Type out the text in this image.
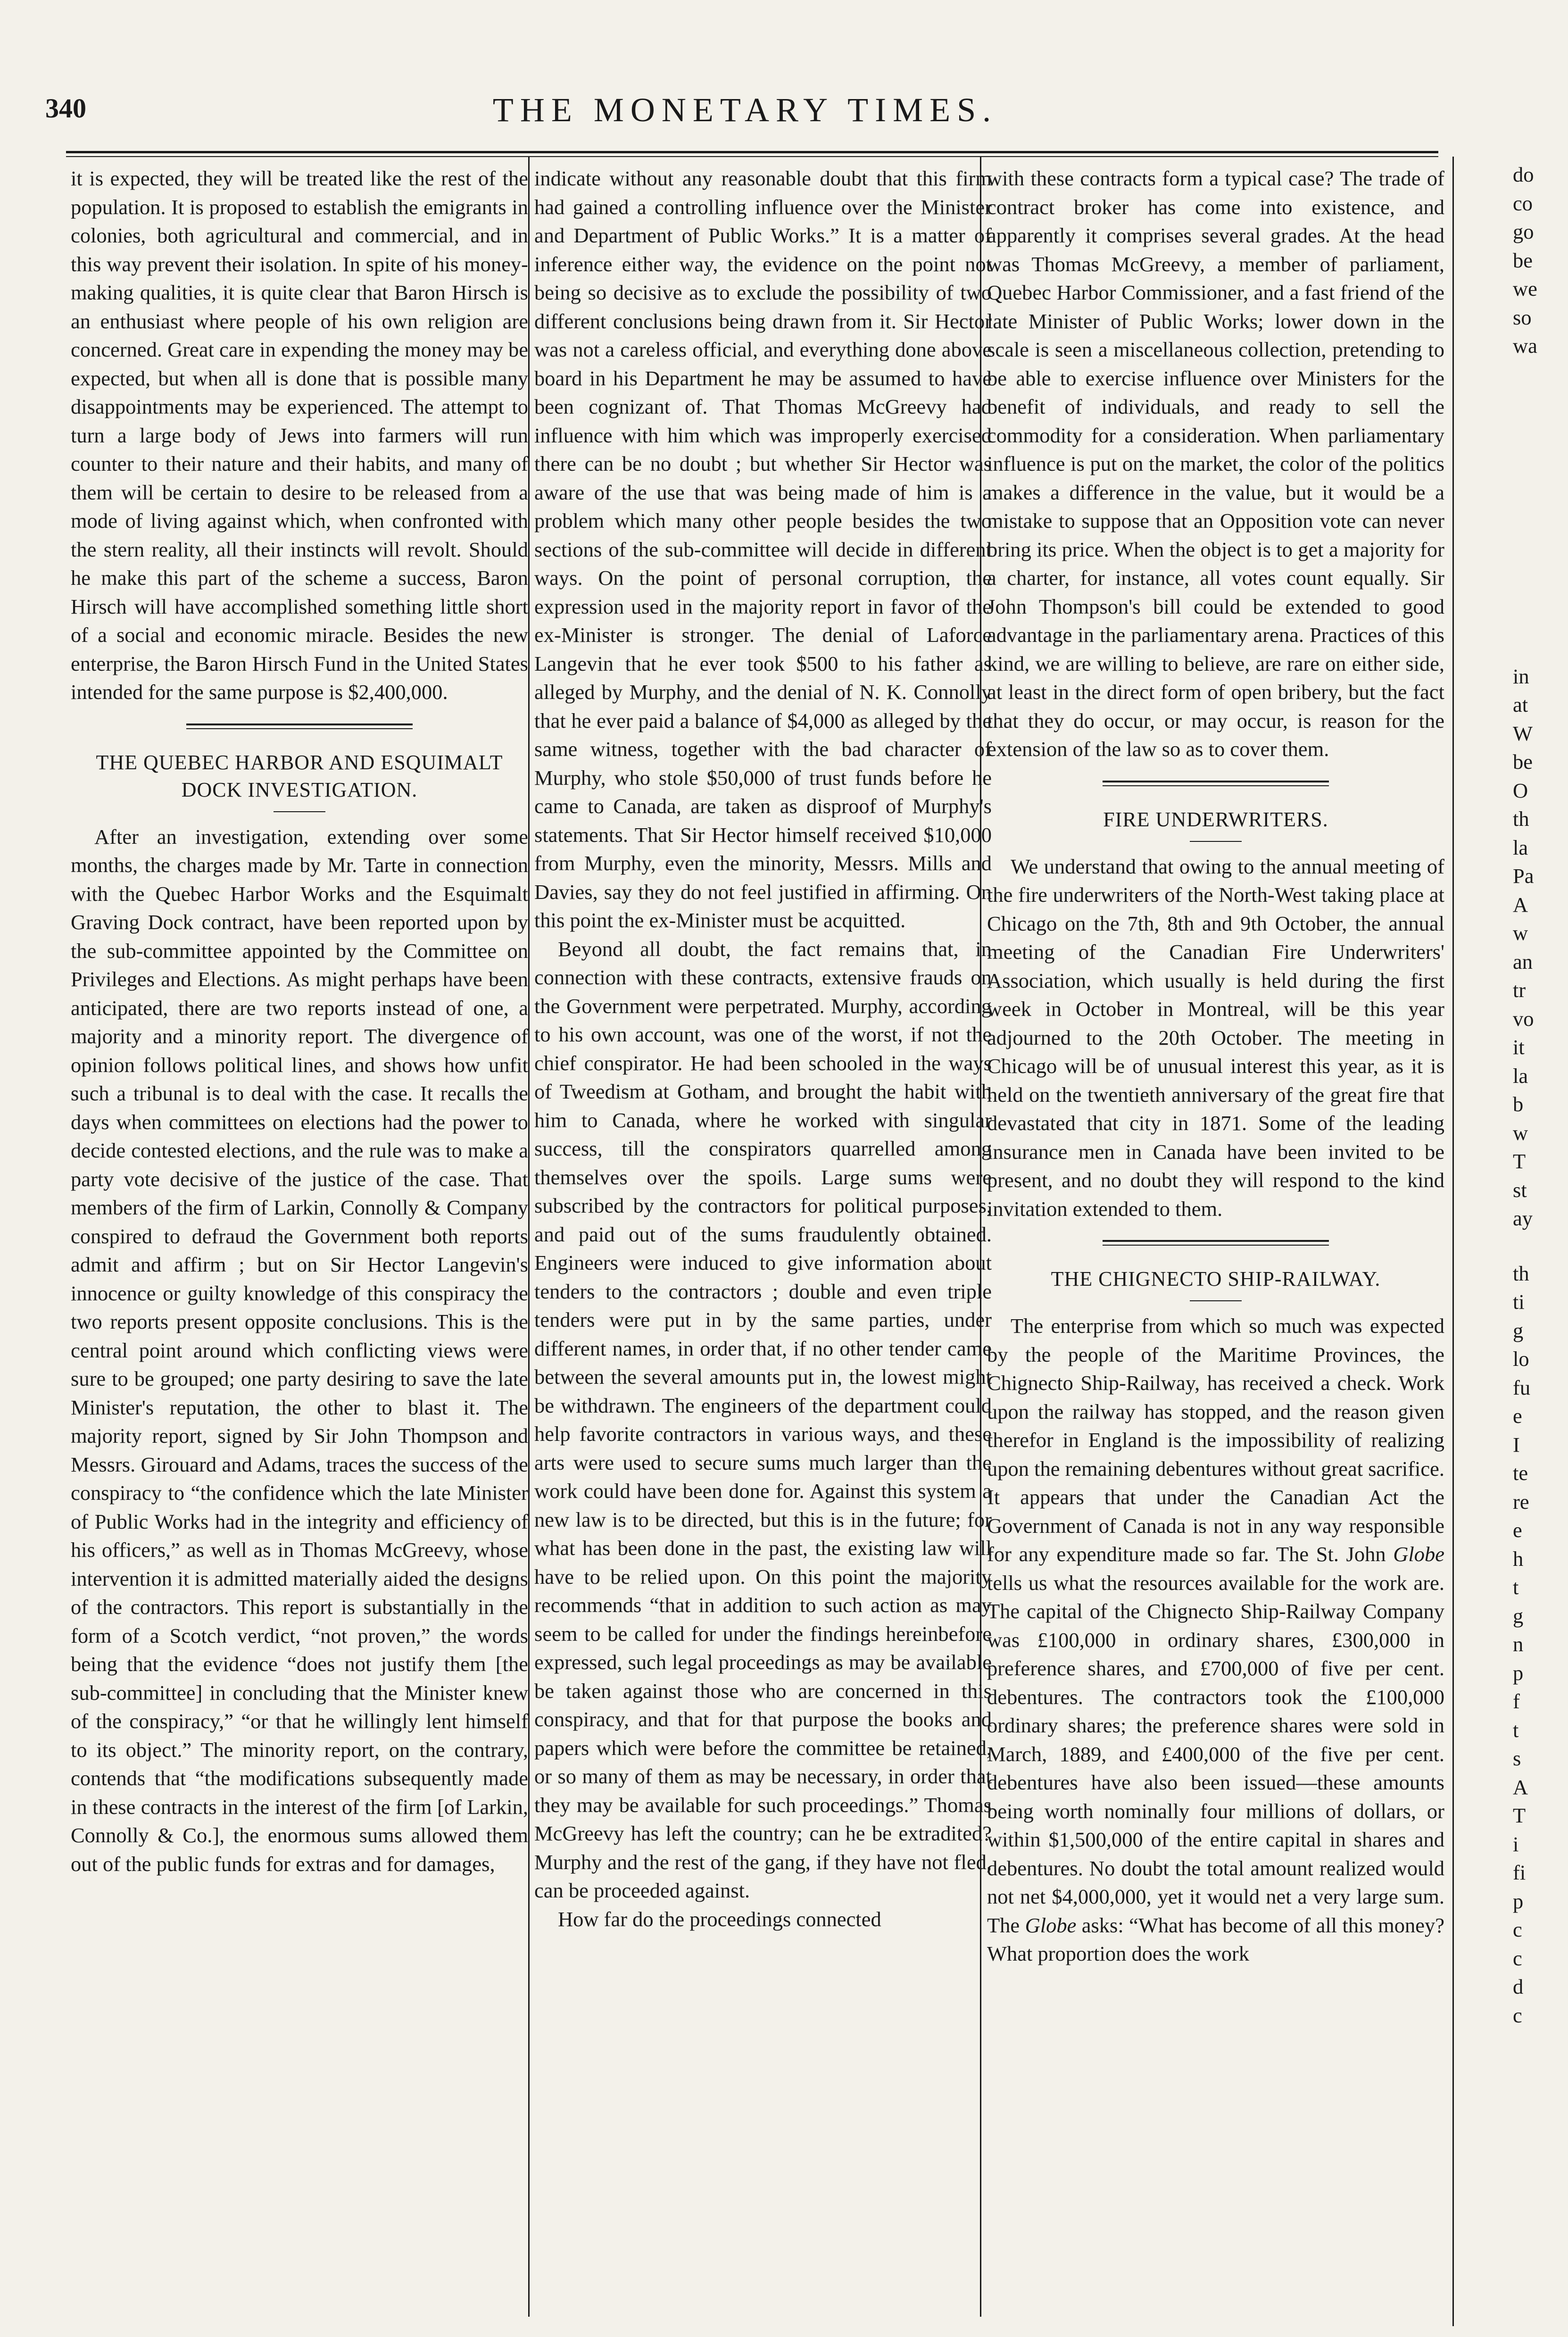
340	THE MONETARY TIMES.

it is expected, they will be treated like the rest of the population. It is proposed to establish the emigrants in colonies, both agricultural and commercial, and in this way prevent their isolation. In spite of his money-making qualities, it is quite clear that Baron Hirsch is an enthusiast where people of his own religion are concerned. Great care in expending the money may be expected, but when all is done that is possible many disappointments may be experienced. The attempt to turn a large body of Jews into farmers will run counter to their nature and their habits, and many of them will be certain to desire to be released from a mode of living against which, when confronted with the stern reality, all their instincts will revolt. Should he make this part of the scheme a success, Baron Hirsch will have accomplished something little short of a social and economic miracle. Besides the new enterprise, the Baron Hirsch Fund in the United States intended for the same purpose is $2,400,000.

THE QUEBEC HARBOR AND ESQUIMALT DOCK INVESTIGATION.

After an investigation, extending over some months, the charges made by Mr. Tarte in connection with the Quebec Harbor Works and the Esquimalt Graving Dock contract, have been reported upon by the sub-committee appointed by the Committee on Privileges and Elections. As might perhaps have been anticipated, there are two reports instead of one, a majority and a minority report. The divergence of opinion follows political lines, and shows how unfit such a tribunal is to deal with the case. It recalls the days when committees on elections had the power to decide contested elections, and the rule was to make a party vote decisive of the justice of the case. That members of the firm of Larkin, Connolly & Company conspired to defraud the Government both reports admit and affirm ; but on Sir Hector Langevin's innocence or guilty knowledge of this conspiracy the two reports present opposite conclusions. This is the central point around which conflicting views were sure to be grouped; one party desiring to save the late Minister's reputation, the other to blast it. The majority report, signed by Sir John Thompson and Messrs. Girouard and Adams, traces the success of the conspiracy to “the confidence which the late Minister of Public Works had in the integrity and efficiency of his officers,” as well as in Thomas McGreevy, whose intervention it is admitted materially aided the designs of the contractors. This report is substantially in the form of a Scotch verdict, “not proven,” the words being that the evidence “does not justify them [the sub-committee] in concluding that the Minister knew of the conspiracy,” “or that he willingly lent himself to its object.” The minority report, on the contrary, contends that “the modifications subsequently made in these contracts in the interest of the firm [of Larkin, Connolly & Co.], the enormous sums allowed them out of the public funds for extras and for damages,

indicate without any reasonable doubt that this firm had gained a controlling influence over the Minister and Department of Public Works.” It is a matter of inference either way, the evidence on the point not being so decisive as to exclude the possibility of two different conclusions being drawn from it. Sir Hector was not a careless official, and everything done above board in his Department he may be assumed to have been cognizant of. That Thomas McGreevy had influence with him which was improperly exercised there can be no doubt ; but whether Sir Hector was aware of the use that was being made of him is a problem which many other people besides the two sections of the sub-committee will decide in different ways. On the point of personal corruption, the expression used in the majority report in favor of the ex-Minister is stronger. The denial of Laforce Langevin that he ever took $500 to his father as alleged by Murphy, and the denial of N. K. Connolly that he ever paid a balance of $4,000 as alleged by the same witness, together with the bad character of Murphy, who stole $50,000 of trust funds before he came to Canada, are taken as disproof of Murphy's statements. That Sir Hector himself received $10,000 from Murphy, even the minority, Messrs. Mills and Davies, say they do not feel justified in affirming. On this point the ex-Minister must be acquitted.

Beyond all doubt, the fact remains that, in connection with these contracts, extensive frauds on the Government were perpetrated. Murphy, according to his own account, was one of the worst, if not the chief conspirator. He had been schooled in the ways of Tweedism at Gotham, and brought the habit with him to Canada, where he worked with singular success, till the conspirators quarrelled among themselves over the spoils. Large sums were subscribed by the contractors for political purposes, and paid out of the sums fraudulently obtained. Engineers were induced to give information about tenders to the contractors ; double and even triple tenders were put in by the same parties, under different names, in order that, if no other tender came between the several amounts put in, the lowest might be withdrawn. The engineers of the department could help favorite contractors in various ways, and these arts were used to secure sums much larger than the work could have been done for. Against this system a new law is to be directed, but this is in the future; for what has been done in the past, the existing law will have to be relied upon. On this point the majority recommends “that in addition to such action as may seem to be called for under the findings hereinbefore expressed, such legal proceedings as may be available be taken against those who are concerned in this conspiracy, and that for that purpose the books and papers which were before the committee be retained, or so many of them as may be necessary, in order that they may be available for such proceedings.” Thomas McGreevy has left the country; can he be extradited? Murphy and the rest of the gang, if they have not fled, can be proceeded against.

How far do the proceedings connected

with these contracts form a typical case? The trade of contract broker has come into existence, and apparently it comprises several grades. At the head was Thomas McGreevy, a member of parliament, Quebec Harbor Commissioner, and a fast friend of the late Minister of Public Works; lower down in the scale is seen a miscellaneous collection, pretending to be able to exercise influence over Ministers for the benefit of individuals, and ready to sell the commodity for a consideration. When parliamentary influence is put on the market, the color of the politics makes a difference in the value, but it would be a mistake to suppose that an Opposition vote can never bring its price. When the object is to get a majority for a charter, for instance, all votes count equally. Sir John Thompson's bill could be extended to good advantage in the parliamentary arena. Practices of this kind, we are willing to believe, are rare on either side, at least in the direct form of open bribery, but the fact that they do occur, or may occur, is reason for the extension of the law so as to cover them.

FIRE UNDERWRITERS.

We understand that owing to the annual meeting of the fire underwriters of the North-West taking place at Chicago on the 7th, 8th and 9th October, the annual meeting of the Canadian Fire Underwriters' Association, which usually is held during the first week in October in Montreal, will be this year adjourned to the 20th October. The meeting in Chicago will be of unusual interest this year, as it is held on the twentieth anniversary of the great fire that devastated that city in 1871. Some of the leading insurance men in Canada have been invited to be present, and no doubt they will respond to the kind invitation extended to them.

THE CHIGNECTO SHIP-RAILWAY.

The enterprise from which so much was expected by the people of the Maritime Provinces, the Chignecto Ship-Railway, has received a check. Work upon the railway has stopped, and the reason given therefor in England is the impossibility of realizing upon the remaining debentures without great sacrifice. It appears that under the Canadian Act the Government of Canada is not in any way responsible for any expenditure made so far. The St. John Globe tells us what the resources available for the work are. The capital of the Chignecto Ship-Railway Company was £100,000 in ordinary shares, £300,000 in preference shares, and £700,000 of five per cent. debentures. The contractors took the £100,000 ordinary shares; the preference shares were sold in March, 1889, and £400,000 of the five per cent. debentures have also been issued—these amounts being worth nominally four millions of dollars, or within $1,500,000 of the entire capital in shares and debentures. No doubt the total amount realized would not net $4,000,000, yet it would net a very large sum. The Globe asks: “What has become of all this money? What proportion does the work

do
co
go
be
we
so
wa
in
at
W
be
O
th
la
Pa
A
w
an
tr
vo
it
la
b
w
T
st
ay
th
ti
g
lo
fu
e
I
te
re
e
h
t
g
n
p
f
t
s
A
T
i
fi
p
c
c
d
c
